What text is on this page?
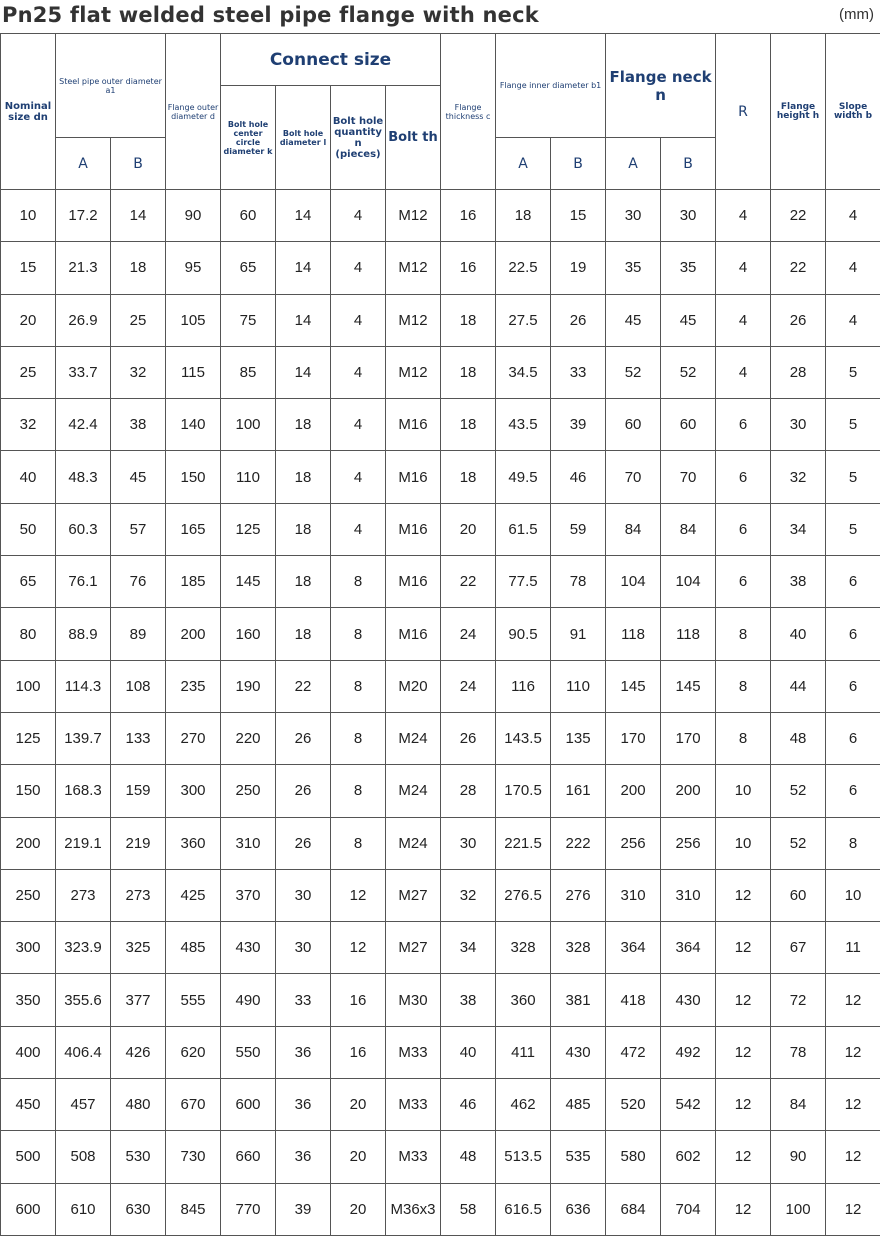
Pn25 flat welded steel pipe flange with neck	(mm)
Nominal size dn	Steel pipe outer diameter a1		Flange outer diameter d	Connect size				Flange thickness c	Flange inner diameter b1		Flange neck n		R	Flange height h	Slope width b
				Bolt hole center circle diameter k	Bolt hole diameter l	Bolt hole quantity n (pieces)	Bolt th								
	A	B							A	B	A	B			
10	17.2	14	90	60	14	4	M12	16	18	15	30	30	4	22	4
15	21.3	18	95	65	14	4	M12	16	22.5	19	35	35	4	22	4
20	26.9	25	105	75	14	4	M12	18	27.5	26	45	45	4	26	4
25	33.7	32	115	85	14	4	M12	18	34.5	33	52	52	4	28	5
32	42.4	38	140	100	18	4	M16	18	43.5	39	60	60	6	30	5
40	48.3	45	150	110	18	4	M16	18	49.5	46	70	70	6	32	5
50	60.3	57	165	125	18	4	M16	20	61.5	59	84	84	6	34	5
65	76.1	76	185	145	18	8	M16	22	77.5	78	104	104	6	38	6
80	88.9	89	200	160	18	8	M16	24	90.5	91	118	118	8	40	6
100	114.3	108	235	190	22	8	M20	24	116	110	145	145	8	44	6
125	139.7	133	270	220	26	8	M24	26	143.5	135	170	170	8	48	6
150	168.3	159	300	250	26	8	M24	28	170.5	161	200	200	10	52	6
200	219.1	219	360	310	26	8	M24	30	221.5	222	256	256	10	52	8
250	273	273	425	370	30	12	M27	32	276.5	276	310	310	12	60	10
300	323.9	325	485	430	30	12	M27	34	328	328	364	364	12	67	11
350	355.6	377	555	490	33	16	M30	38	360	381	418	430	12	72	12
400	406.4	426	620	550	36	16	M33	40	411	430	472	492	12	78	12
450	457	480	670	600	36	20	M33	46	462	485	520	542	12	84	12
500	508	530	730	660	36	20	M33	48	513.5	535	580	602	12	90	12
600	610	630	845	770	39	20	M36x3	58	616.5	636	684	704	12	100	12
